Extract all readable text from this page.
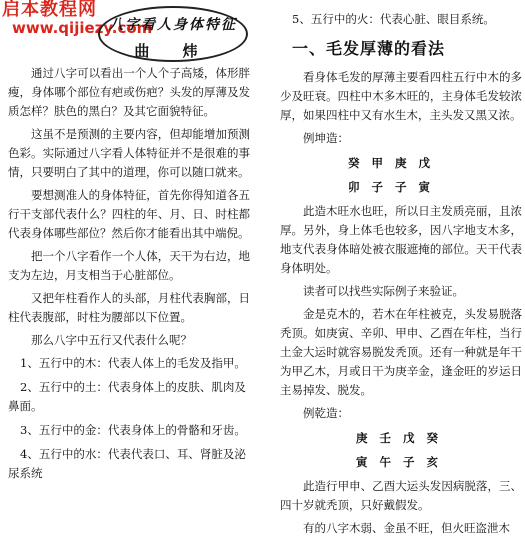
启本教程网
www.qijiezy.com
八字看人身体特征
曲 炜

通过八字可以看出一个人个子高矮，体形胖瘦，身体哪个部位有疤或伤疤？头发的厚薄及发质怎样？肤色的黑白？及其它面貌特征。

这虽不是预测的主要内容，但却能增加预测色彩。实际通过八字看人体特征并不是很难的事情，只要明白了其中的道理，你可以随口就来。

要想测准人的身体特征，首先你得知道各五行干支部代表什么？四柱的年、月、日、时柱都代表身体哪些部位？然后你才能看出其中端倪。

把一个八字看作一个人体，天干为右边，地支为左边，月支相当于心脏部位。

又把年柱看作人的头部，月柱代表胸部，日柱代表腹部，时柱为腰部以下位置。

那么八字中五行又代表什么呢？

1、五行中的木：代表人体上的毛发及指甲。

2、五行中的土：代表身体上的皮肤、肌肉及鼻面。

3、五行中的金：代表身体上的骨骼和牙齿。

4、五行中的水：代表代表口、耳、肾脏及泌尿系统

5、五行中的火：代表心脏、眼目系统。

一、毛发厚薄的看法

看身体毛发的厚薄主要看四柱五行中木的多少及旺衰。四柱中木多木旺的，主身体毛发较浓厚，如果四柱中又有水生木，主头发又黑又浓。

例坤造：
癸甲庚戊
卯子子寅

此造木旺水也旺，所以日主发质亮丽，且浓厚。另外，身上体毛也较多，因八字地支木多，地支代表身体暗处被衣服遮掩的部位。天干代表身体明处。

读者可以找些实际例子来验证。

金是克木的，若木在年柱被克，头发易脱落秃顶。如庚寅、辛卯、甲申、乙酉在年柱，当行土金大运时就容易脱发秃顶。还有一种就是年干为甲乙木，月或日干为庚辛金，逢金旺的岁运日主易掉发、脱发。

例乾造：
庚壬戊癸
寅午子亥

此造行甲申、乙酉大运头发因病脱落，三、四十岁就秃顶，只好戴假发。

有的八字木弱、金虽不旺，但火旺盗泄木
